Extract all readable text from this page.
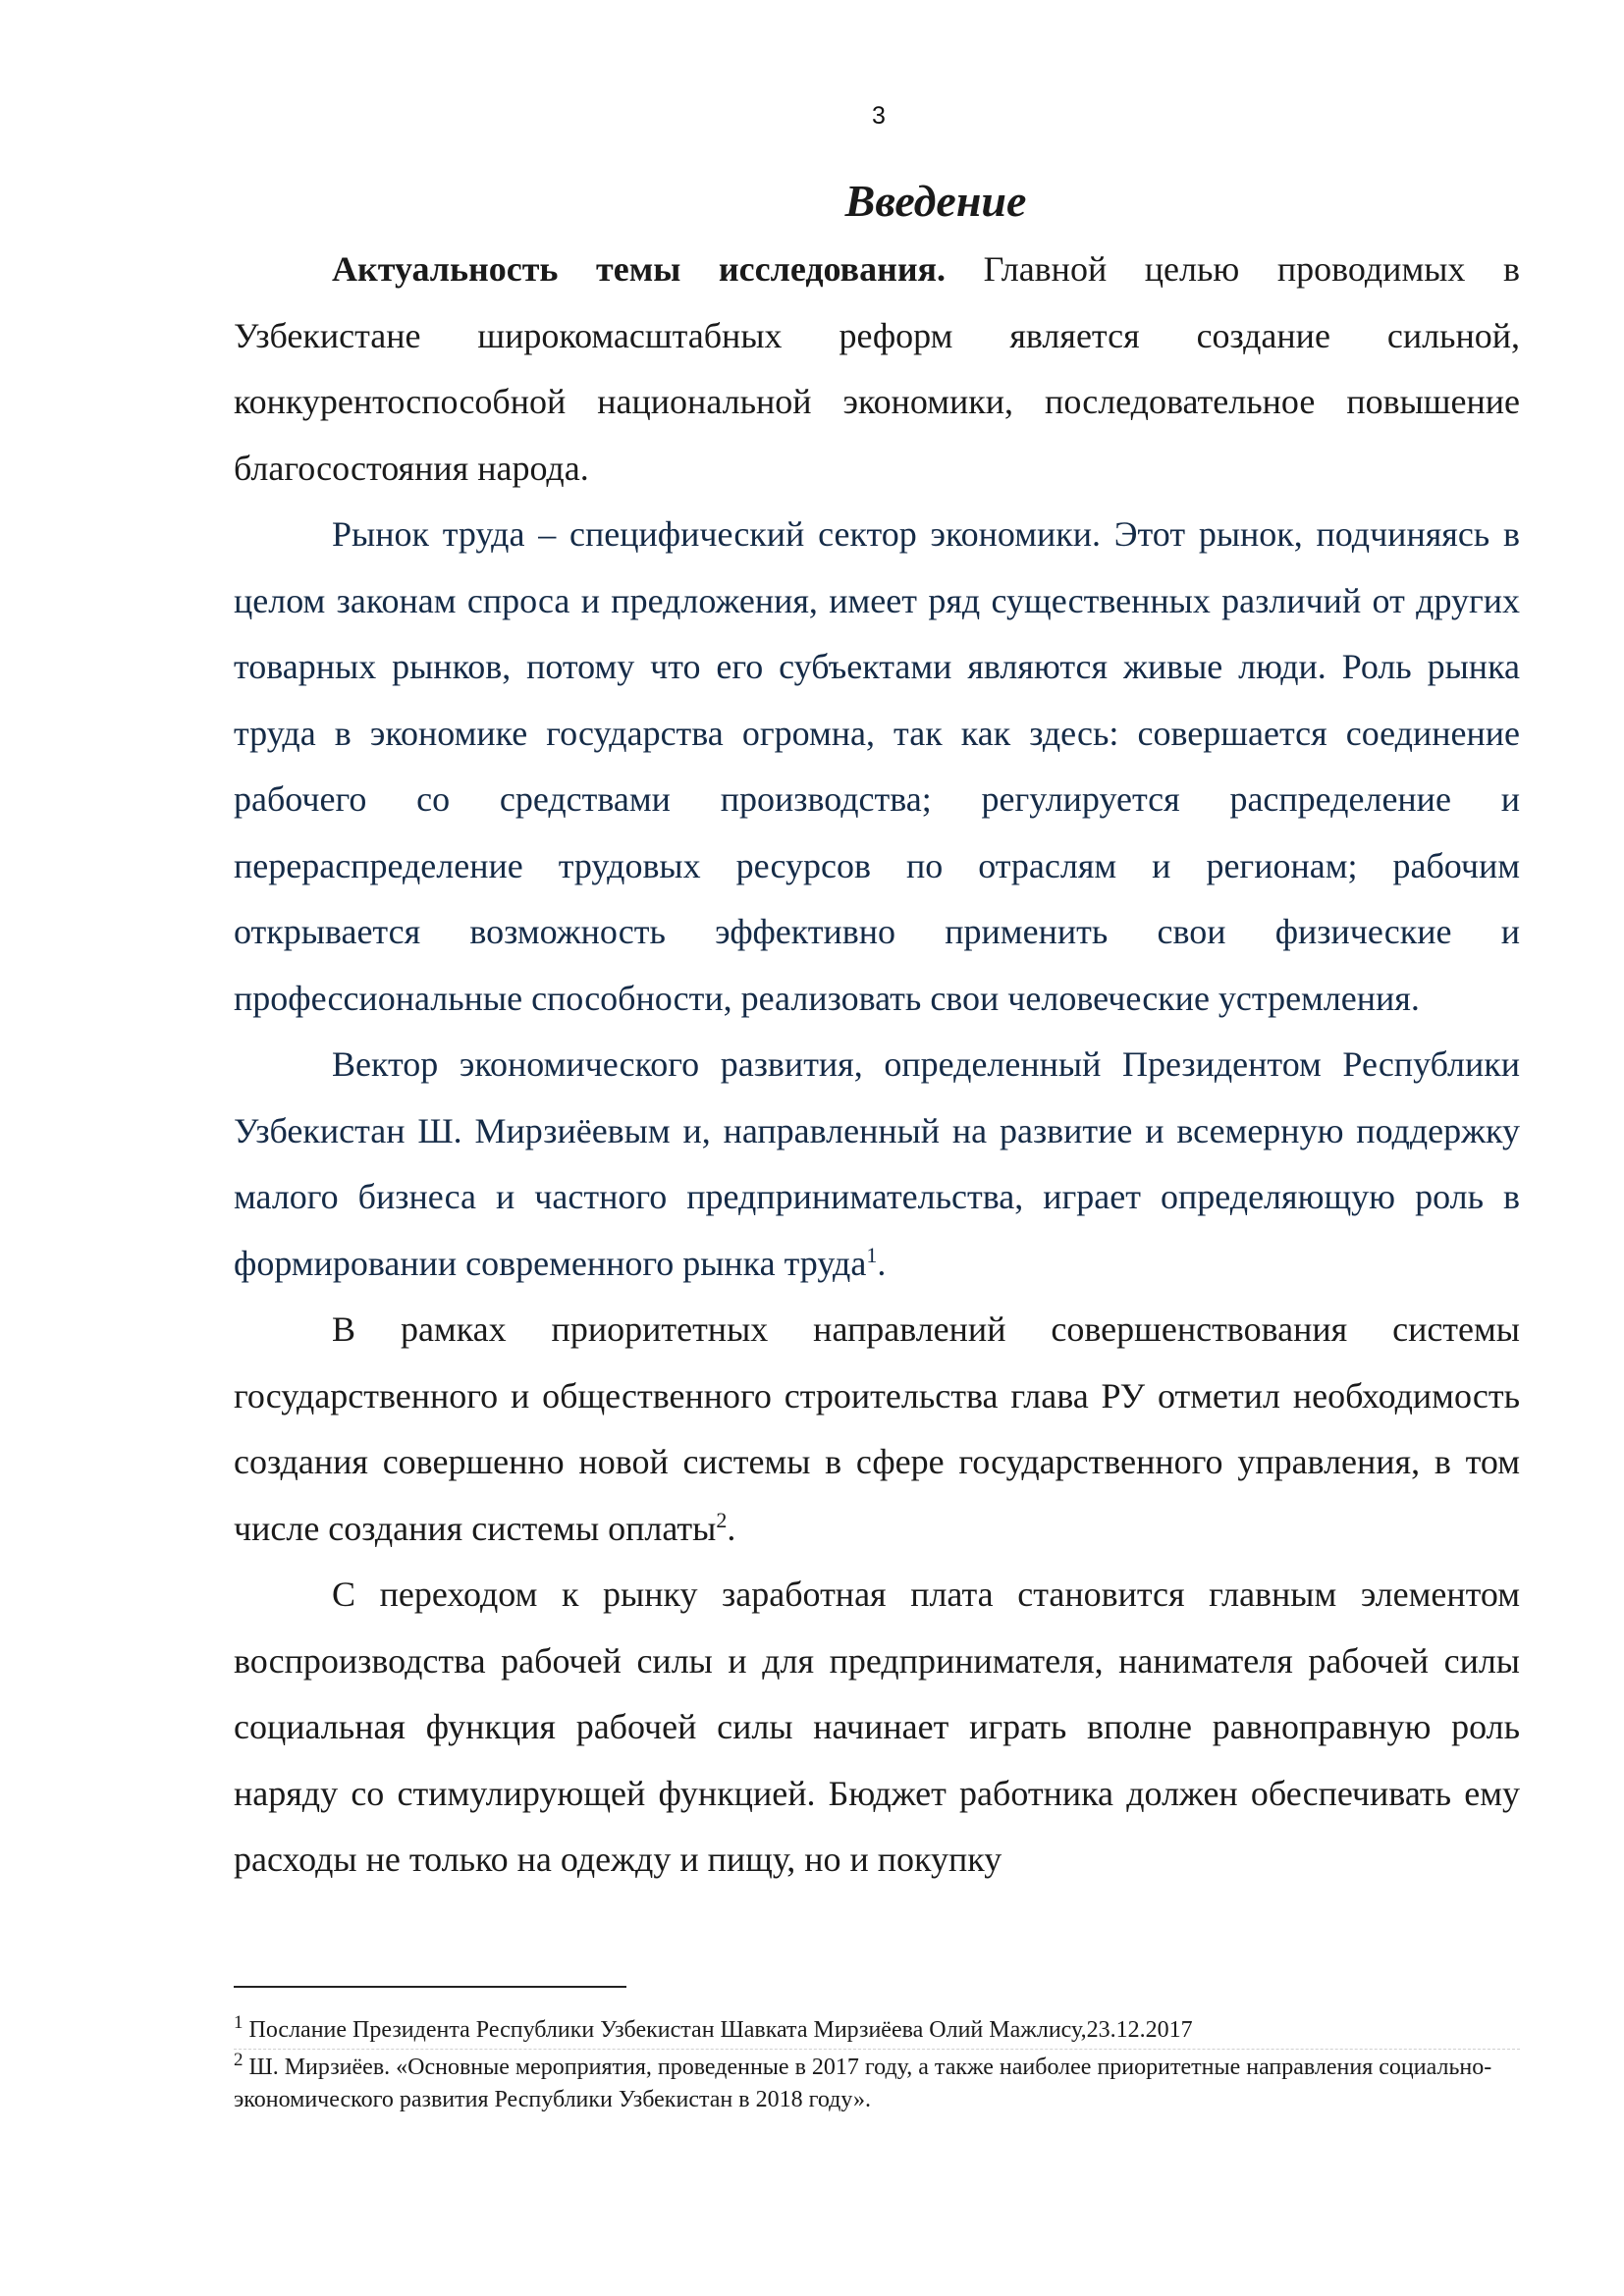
3
Введение

Актуальность темы исследования. Главной целью проводимых в Узбекистане широкомасштабных реформ является создание сильной, конкурентоспособной национальной экономики, последовательное повышение благосостояния народа.

Рынок труда – специфический сектор экономики. Этот рынок, подчиняясь в целом законам спроса и предложения, имеет ряд существенных различий от других товарных рынков, потому что его субъектами являются живые люди. Роль рынка труда в экономике государства огромна, так как здесь: совершается соединение рабочего со средствами производства; регулируется распределение и перераспределение трудовых ресурсов по отраслям и регионам; рабочим открывается возможность эффективно применить свои физические и профессиональные способности, реализовать свои человеческие устремления.

Вектор экономического развития, определенный Президентом Республики Узбекистан Ш. Мирзиёевым и, направленный на развитие и всемерную поддержку малого бизнеса и частного предпринимательства, играет определяющую роль в формировании современного рынка труда$^1$.

В рамках приоритетных направлений совершенствования системы государственного и общественного строительства глава РУ отметил необходимость создания совершенно новой системы в сфере государственного управления, в том числе создания системы оплаты$^2$.

С переходом к рынку заработная плата становится главным элементом воспроизводства рабочей силы и для предпринимателя, нанимателя рабочей силы социальная функция рабочей силы начинает играть вполне равноправную роль наряду со стимулирующей функцией. Бюджет работника должен обеспечивать ему расходы не только на одежду и пищу, но и покупку

$^1$ Послание Президента Республики Узбекистан Шавката Мирзиёева Олий Мажлису,23.12.2017

$^2$ Ш. Мирзиёев. «Основные мероприятия, проведенные в 2017 году, а также наиболее приоритетные направления социально-экономического развития Республики Узбекистан в 2018 году».
